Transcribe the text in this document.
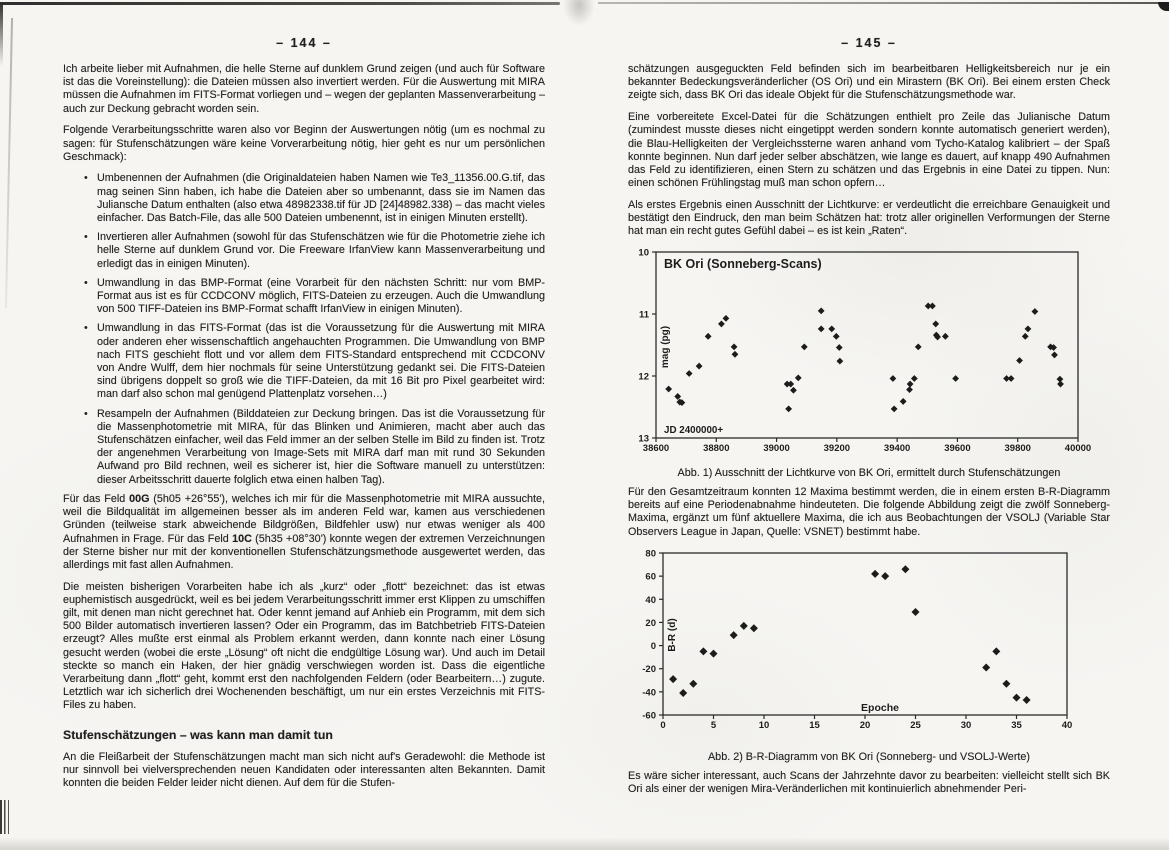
– 144 –

Ich arbeite lieber mit Aufnahmen, die helle Sterne auf dunklem Grund zeigen (und auch für Software ist das die Voreinstellung): die Dateien müssen also invertiert werden. Für die Auswertung mit MIRA müssen die Aufnahmen im FITS-Format vorliegen und – wegen der geplanten Massenverarbeitung – auch zur Deckung gebracht worden sein.

Folgende Verarbeitungsschritte waren also vor Beginn der Auswertungen nötig (um es nochmal zu sagen: für Stufenschätzungen wäre keine Vorverarbeitung nötig, hier geht es nur um persönlichen Geschmack):

• Umbenennen der Aufnahmen (die Originaldateien haben Namen wie Te3_11356.00.G.tif, das mag seinen Sinn haben, ich habe die Dateien aber so umbenannt, dass sie im Namen das Juliansche Datum enthalten (also etwa 48982338.tif für JD [24]48982.338) – das macht vieles einfacher. Das Batch-File, das alle 500 Dateien umbenennt, ist in einigen Minuten erstellt).
• Invertieren aller Aufnahmen (sowohl für das Stufenschätzen wie für die Photometrie ziehe ich helle Sterne auf dunklem Grund vor. Die Freeware IrfanView kann Massenverarbeitung und erledigt das in einigen Minuten).
• Umwandlung in das BMP-Format (eine Vorarbeit für den nächsten Schritt: nur vom BMP-Format aus ist es für CCDCONV möglich, FITS-Dateien zu erzeugen. Auch die Umwandlung von 500 TIFF-Dateien ins BMP-Format schafft IrfanView in einigen Minuten).
• Umwandlung in das FITS-Format (das ist die Voraussetzung für die Auswertung mit MIRA oder anderen eher wissenschaftlich angehauchten Programmen. Die Umwandlung von BMP nach FITS geschieht flott und vor allem dem FITS-Standard entsprechend mit CCDCONV von Andre Wulff, dem hier nochmals für seine Unterstützung gedankt sei. Die FITS-Dateien sind übrigens doppelt so groß wie die TIFF-Dateien, da mit 16 Bit pro Pixel gearbeitet wird: man darf also schon mal genügend Plattenplatz vorsehen…)
• Resampeln der Aufnahmen (Bilddateien zur Deckung bringen. Das ist die Voraussetzung für die Massenphotometrie mit MIRA, für das Blinken und Animieren, macht aber auch das Stufenschätzen einfacher, weil das Feld immer an der selben Stelle im Bild zu finden ist. Trotz der angenehmen Verarbeitung von Image-Sets mit MIRA darf man mit rund 30 Sekunden Aufwand pro Bild rechnen, weil es sicherer ist, hier die Software manuell zu unterstützen: dieser Arbeitsschritt dauerte folglich etwa einen halben Tag).

Für das Feld 00G (5h05 +26°55'), welches ich mir für die Massenphotometrie mit MIRA aussuchte, weil die Bildqualität im allgemeinen besser als im anderen Feld war, kamen aus verschiedenen Gründen (teilweise stark abweichende Bildgrößen, Bildfehler usw) nur etwas weniger als 400 Aufnahmen in Frage. Für das Feld 10C (5h35 +08°30') konnte wegen der extremen Verzeichnungen der Sterne bisher nur mit der konventionellen Stufenschätzungsmethode ausgewertet werden, das allerdings mit fast allen Aufnahmen.

Die meisten bisherigen Vorarbeiten habe ich als „kurz“ oder „flott“ bezeichnet: das ist etwas euphemistisch ausgedrückt, weil es bei jedem Verarbeitungsschritt immer erst Klippen zu umschiffen gilt, mit denen man nicht gerechnet hat. Oder kennt jemand auf Anhieb ein Programm, mit dem sich 500 Bilder automatisch invertieren lassen? Oder ein Programm, das im Batchbetrieb FITS-Dateien erzeugt? Alles mußte erst einmal als Problem erkannt werden, dann konnte nach einer Lösung gesucht werden (wobei die erste „Lösung“ oft nicht die endgültige Lösung war). Und auch im Detail steckte so manch ein Haken, der hier gnädig verschwiegen worden ist. Dass die eigentliche Verarbeitung dann „flott“ geht, kommt erst den nachfolgenden Feldern (oder Bearbeitern…) zugute. Letztlich war ich sicherlich drei Wochenenden beschäftigt, um nur ein erstes Verzeichnis mit FITS-Files zu haben.

Stufenschätzungen – was kann man damit tun

An die Fleißarbeit der Stufenschätzungen macht man sich nicht auf's Geradewohl: die Methode ist nur sinnvoll bei vielversprechenden neuen Kandidaten oder interessanten alten Bekannten. Damit konnten die beiden Felder leider nicht dienen. Auf dem für die Stufen-

– 145 –

schätzungen ausgeguckten Feld befinden sich im bearbeitbaren Helligkeitsbereich nur je ein bekannter Bedeckungsveränderlicher (OS Ori) und ein Mirastern (BK Ori). Bei einem ersten Check zeigte sich, dass BK Ori das ideale Objekt für die Stufenschätzungsmethode war.

Eine vorbereitete Excel-Datei für die Schätzungen enthielt pro Zeile das Julianische Datum (zumindest musste dieses nicht eingetippt werden sondern konnte automatisch generiert werden), die Blau-Helligkeiten der Vergleichssterne waren anhand vom Tycho-Katalog kalibriert – der Spaß konnte beginnen. Nun darf jeder selber abschätzen, wie lange es dauert, auf knapp 490 Aufnahmen das Feld zu identifizieren, einen Stern zu schätzen und das Ergebnis in eine Datei zu tippen. Nun: einen schönen Frühlingstag muß man schon opfern…

Als erstes Ergebnis einen Ausschnitt der Lichtkurve: er verdeutlicht die erreichbare Genauigkeit und bestätigt den Eindruck, den man beim Schätzen hat: trotz aller originellen Verformungen der Sterne hat man ein recht gutes Gefühl dabei – es ist kein „Raten“.

38600	38800	39000	39200	39400	39600	39800	40000
10
11
12
13
BK Ori (Sonneberg-Scans)
JD 2400000+
mag (pg)
Abb. 1) Ausschnitt der Lichtkurve von BK Ori, ermittelt durch Stufenschätzungen

Für den Gesamtzeitraum konnten 12 Maxima bestimmt werden, die in einem ersten B-R-Diagramm bereits auf eine Periodenabnahme hindeuteten. Die folgende Abbildung zeigt die zwölf Sonneberg-Maxima, ergänzt um fünf aktuellere Maxima, die ich aus Beobachtungen der VSOLJ (Variable Star Observers League in Japan, Quelle: VSNET) bestimmt habe.

0	5	10	15	20	25	30	35	40
80
60
40
20
0
-20
-40
-60
B-R (d)
Epoche
Abb. 2) B-R-Diagramm von BK Ori (Sonneberg- und VSOLJ-Werte)

Es wäre sicher interessant, auch Scans der Jahrzehnte davor zu bearbeiten: vielleicht stellt sich BK Ori als einer der wenigen Mira-Veränderlichen mit kontinuierlich abnehmender Peri-
